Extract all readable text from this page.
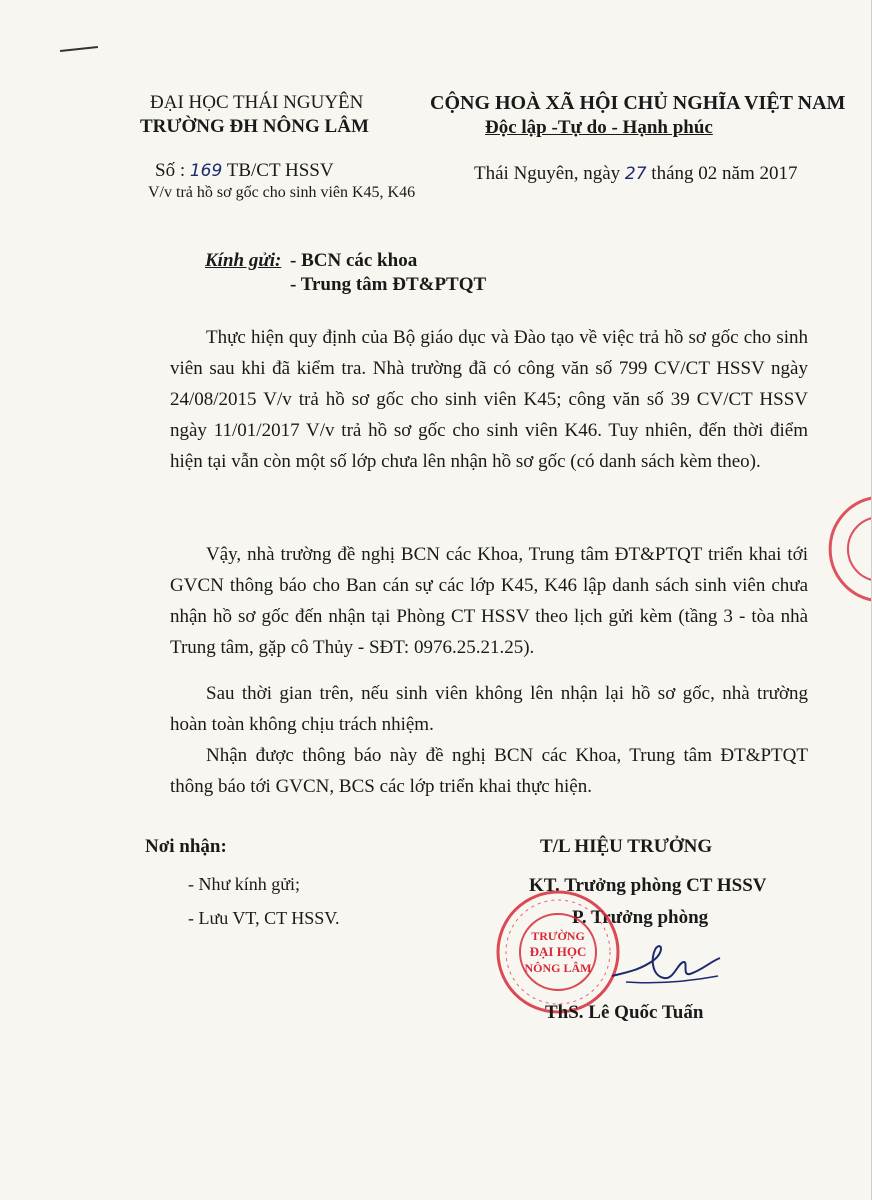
ĐẠI HỌC THÁI NGUYÊN
TRƯỜNG ĐH NÔNG LÂM
CỘNG HOÀ XÃ HỘI CHỦ NGHĨA VIỆT NAM
Độc lập -Tự do - Hạnh phúc
Số : 169 TB/CT HSSV
V/v trả hồ sơ gốc cho sinh viên K45, K46
Thái Nguyên, ngày 27 tháng 02 năm 2017
Kính gửi: - BCN các khoa
- Trung tâm ĐT&PTQT
Thực hiện quy định của Bộ giáo dục và Đào tạo về việc trả hồ sơ gốc cho sinh viên sau khi đã kiểm tra. Nhà trường đã có công văn số 799 CV/CT HSSV ngày 24/08/2015 V/v trả hồ sơ gốc cho sinh viên K45; công văn số 39 CV/CT HSSV ngày 11/01/2017 V/v trả hồ sơ gốc cho sinh viên K46. Tuy nhiên, đến thời điểm hiện tại vẫn còn một số lớp chưa lên nhận hồ sơ gốc (có danh sách kèm theo).
Vậy, nhà trường đề nghị BCN các Khoa, Trung tâm ĐT&PTQT triển khai tới GVCN thông báo cho Ban cán sự các lớp K45, K46 lập danh sách sinh viên chưa nhận hồ sơ gốc đến nhận tại Phòng CT HSSV theo lịch gửi kèm (tầng 3 - tòa nhà Trung tâm, gặp cô Thủy - SĐT: 0976.25.21.25).
Sau thời gian trên, nếu sinh viên không lên nhận lại hồ sơ gốc, nhà trường hoàn toàn không chịu trách nhiệm.
Nhận được thông báo này đề nghị BCN các Khoa, Trung tâm ĐT&PTQT thông báo tới GVCN, BCS các lớp triển khai thực hiện.
Nơi nhận:
- Như kính gửi;
- Lưu VT, CT HSSV.
T/L HIỆU TRƯỞNG
KT. Trưởng phòng CT HSSV
P. Trưởng phòng
TRƯỜNG
ĐẠI HỌC
NÔNG LÂM
ThS. Lê Quốc Tuấn
